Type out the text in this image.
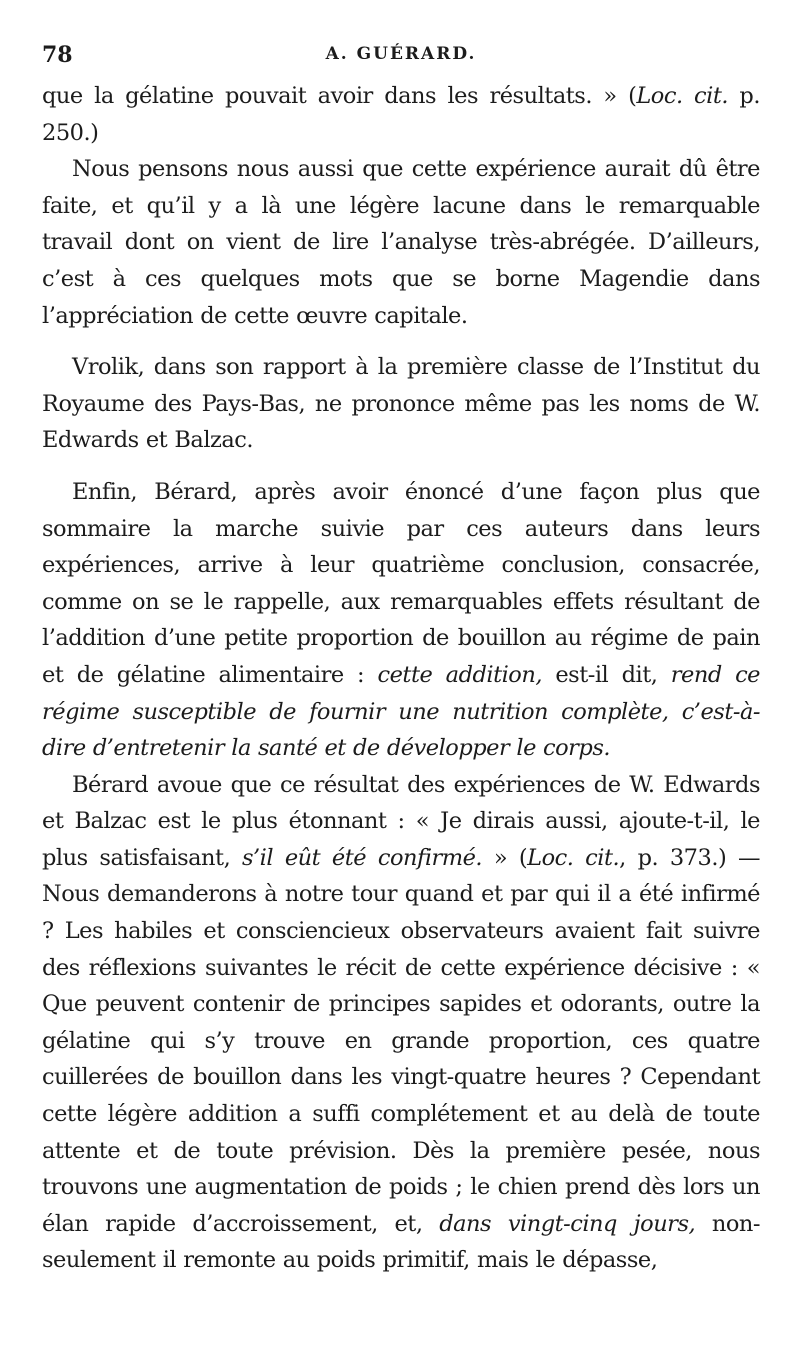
78	A. GUÉRARD.

que la gélatine pouvait avoir dans les résultats. » (Loc. cit. p. 250.)

Nous pensons nous aussi que cette expérience aurait dû être faite, et qu’il y a là une légère lacune dans le remarquable travail dont on vient de lire l’analyse très-abrégée. D’ailleurs, c’est à ces quelques mots que se borne Magendie dans l’appréciation de cette œuvre capitale.

Vrolik, dans son rapport à la première classe de l’Institut du Royaume des Pays-Bas, ne prononce même pas les noms de W. Edwards et Balzac.

Enfin, Bérard, après avoir énoncé d’une façon plus que sommaire la marche suivie par ces auteurs dans leurs expériences, arrive à leur quatrième conclusion, consacrée, comme on se le rappelle, aux remarquables effets résultant de l’addition d’une petite proportion de bouillon au régime de pain et de gélatine alimentaire : cette addition, est-il dit, rend ce régime susceptible de fournir une nutrition complète, c’est-à-dire d’entretenir la santé et de développer le corps.

Bérard avoue que ce résultat des expériences de W. Edwards et Balzac est le plus étonnant : « Je dirais aussi, ajoute-t-il, le plus satisfaisant, s’il eût été confirmé. » (Loc. cit., p. 373.) — Nous demanderons à notre tour quand et par qui il a été infirmé ? Les habiles et consciencieux observateurs avaient fait suivre des réflexions suivantes le récit de cette expérience décisive : « Que peuvent contenir de principes sapides et odorants, outre la gélatine qui s’y trouve en grande proportion, ces quatre cuillerées de bouillon dans les vingt-quatre heures ? Cependant cette légère addition a suffi complétement et au delà de toute attente et de toute prévision. Dès la première pesée, nous trouvons une augmentation de poids ; le chien prend dès lors un élan rapide d’accroissement, et, dans vingt-cinq jours, non-seulement il remonte au poids primitif, mais le dépasse,
